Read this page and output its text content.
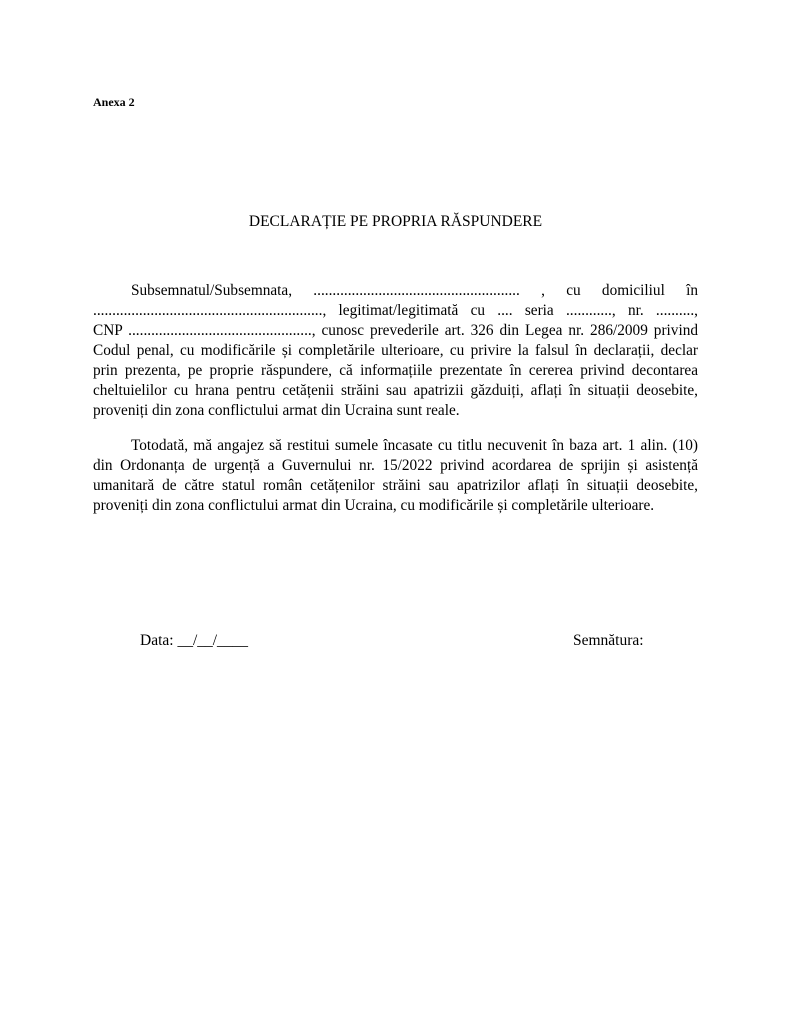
Anexa 2
DECLARAȚIE PE PROPRIA RĂSPUNDERE
Subsemnatul/Subsemnata, ...................................................... , cu domiciliul în
............................................................, legitimat/legitimată cu .... seria ............, nr. ..........,
CNP ................................................, cunosc prevederile art. 326 din Legea nr. 286/2009 privind
Codul penal, cu modificările și completările ulterioare, cu privire la falsul în declarații, declar
prin prezenta, pe proprie răspundere, că informațiile prezentate în cererea privind decontarea
cheltuielilor cu hrana pentru cetățenii străini sau apatrizii găzduiți, aflați în situații deosebite,
proveniți din zona conflictului armat din Ucraina sunt reale.
Totodată, mă angajez să restitui sumele încasate cu titlu necuvenit în baza art. 1 alin. (10)
din Ordonanța de urgență a Guvernului nr. 15/2022 privind acordarea de sprijin și asistență
umanitară de către statul român cetățenilor străini sau apatrizilor aflați în situații deosebite,
proveniți din zona conflictului armat din Ucraina, cu modificările și completările ulterioare.
Data: __/__/____	Semnătura:
